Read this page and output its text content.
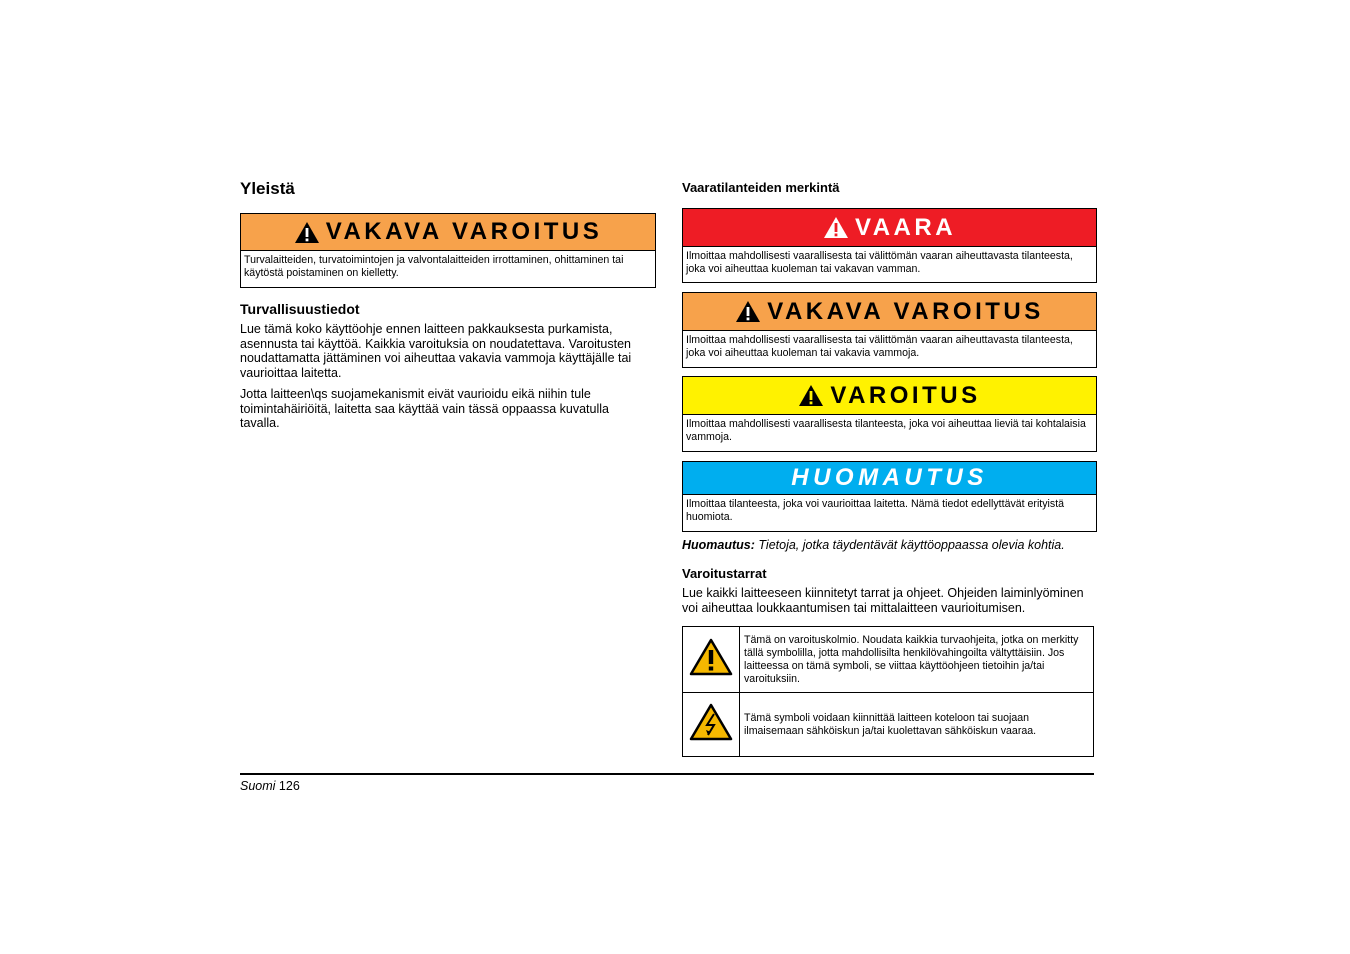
Yleistä
VAKAVA VAROITUS
Turvalaitteiden, turvatoimintojen ja valvontalaitteiden irrottaminen, ohittaminen tai käytöstä poistaminen on kielletty.
Turvallisuustiedot
Lue tämä koko käyttöohje ennen laitteen pakkauksesta purkamista, asennusta tai käyttöä. Kaikkia varoituksia on noudatettava. Varoitusten noudattamatta jättäminen voi aiheuttaa vakavia vammoja käyttäjälle tai vaurioittaa laitetta.
Jotta laitteen\qs suojamekanismit eivät vaurioidu eikä niihin tule toimintahäiriöitä, laitetta saa käyttää vain tässä oppaassa kuvatulla tavalla.
Vaaratilanteiden merkintä
VAARA
Ilmoittaa mahdollisesti vaarallisesta tai välittömän vaaran aiheuttavasta tilanteesta, joka voi aiheuttaa kuoleman tai vakavan vamman.
VAKAVA VAROITUS
Ilmoittaa mahdollisesti vaarallisesta tai välittömän vaaran aiheuttavasta tilanteesta, joka voi aiheuttaa kuoleman tai vakavia vammoja.
VAROITUS
Ilmoittaa mahdollisesti vaarallisesta tilanteesta, joka voi aiheuttaa lieviä tai kohtalaisia vammoja.
HUOMAUTUS
Ilmoittaa tilanteesta, joka voi vaurioittaa laitetta. Nämä tiedot edellyttävät erityistä huomiota.
Huomautus: Tietoja, jotka täydentävät käyttöoppaassa olevia kohtia.
Varoitustarrat
Lue kaikki laitteeseen kiinnitetyt tarrat ja ohjeet. Ohjeiden laiminlyöminen voi aiheuttaa loukkaantumisen tai mittalaitteen vaurioitumisen.
	Tämä on varoituskolmio. Noudata kaikkia turvaohjeita, jotka on merkitty tällä symbolilla, jotta mahdollisilta henkilövahingoilta vältyttäisiin. Jos laitteessa on tämä symboli, se viittaa käyttöohjeen tietoihin ja/tai varoituksiin.
	Tämä symboli voidaan kiinnittää laitteen koteloon tai suojaan ilmaisemaan sähköiskun ja/tai kuolettavan sähköiskun vaaraa.
Suomi 126
